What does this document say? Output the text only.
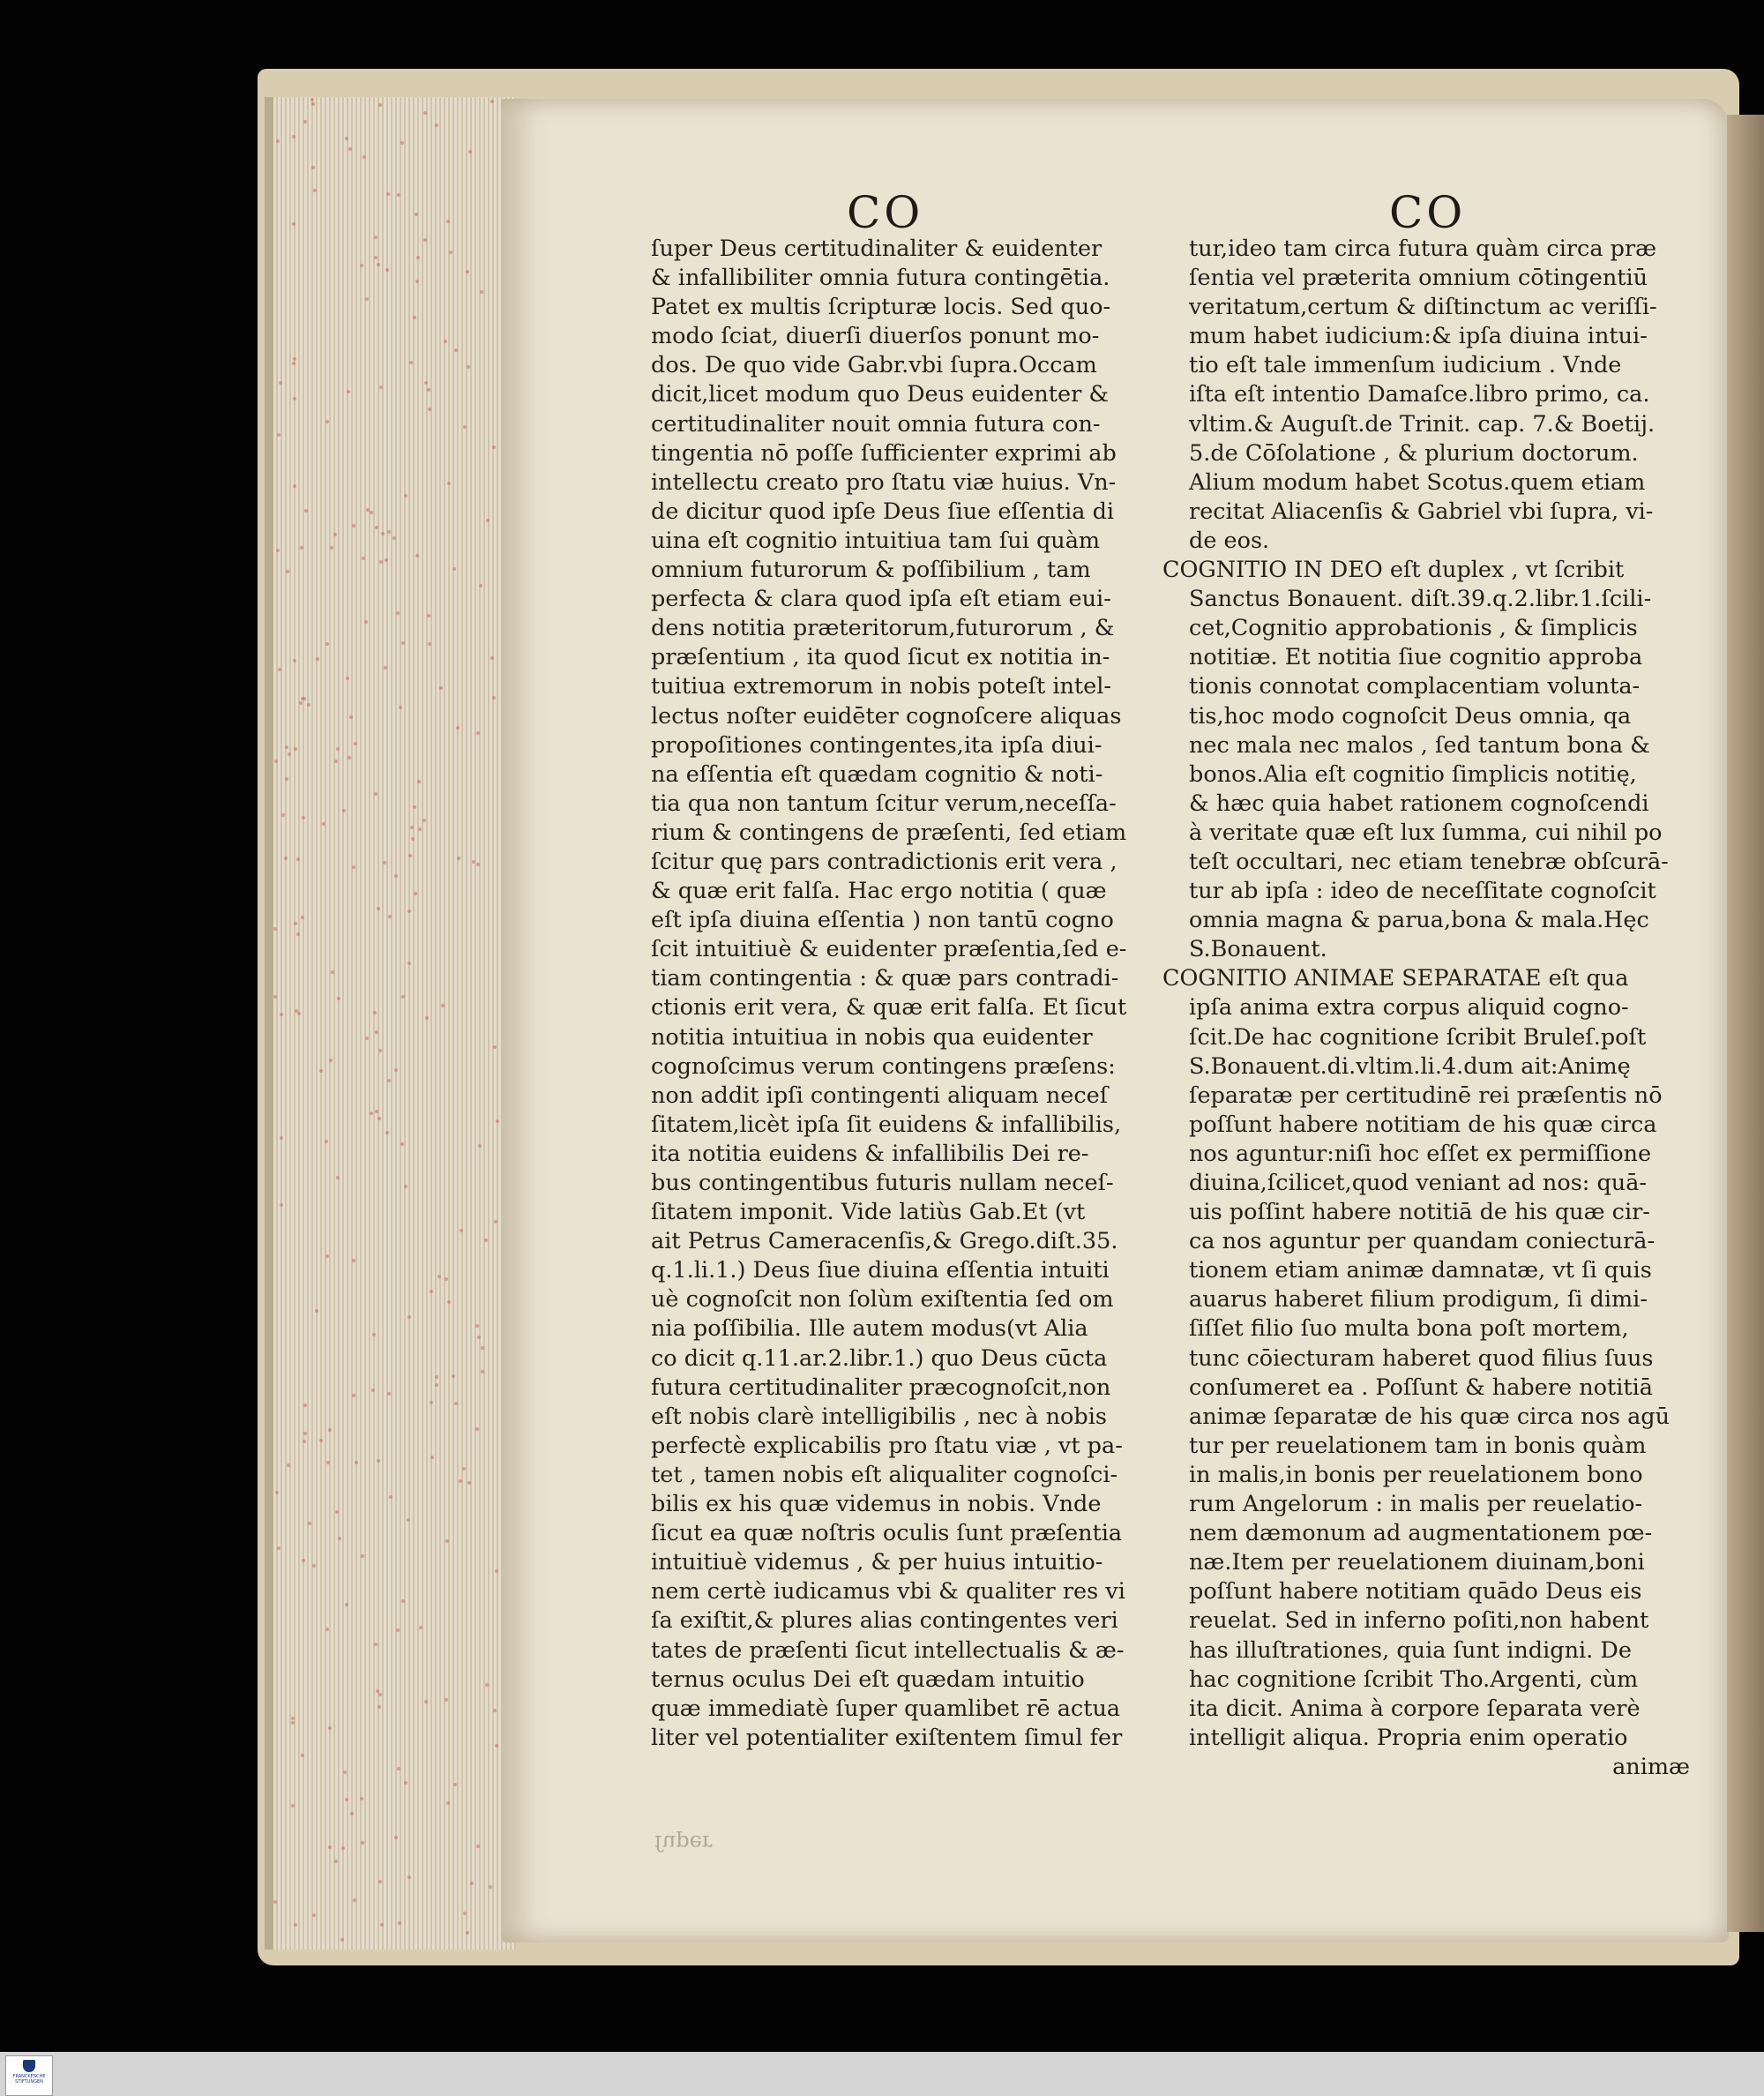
CO	CO
ſuper Deus certitudinaliter & euidenter
& infallibiliter omnia futura contingētia.
Patet ex multis ſcripturæ locis. Sed quo-
modo ſciat, diuerſi diuerſos ponunt mo-
dos. De quo vide Gabr.vbi ſupra.Occam
dicit,licet modum quo Deus euidenter &
certitudinaliter nouit omnia futura con-
tingentia nō poſſe ſufficienter exprimi ab
intellectu creato pro ſtatu viæ huius. Vn-
de dicitur quod ipſe Deus ſiue eſſentia di
uina eſt cognitio intuitiua tam ſui quàm
omnium futurorum & poſſibilium , tam
perfecta & clara quod ipſa eſt etiam eui-
dens notitia præteritorum,futurorum , &
præſentium , ita quod ſicut ex notitia in-
tuitiua extremorum in nobis poteſt intel-
lectus noſter euidēter cognoſcere aliquas
propoſitiones contingentes,ita ipſa diui-
na eſſentia eſt quædam cognitio & noti-
tia qua non tantum ſcitur verum,neceſſa-
rium & contingens de præſenti, ſed etiam
ſcitur quę pars contradictionis erit vera ,
& quæ erit falſa. Hac ergo notitia ( quæ
eſt ipſa diuina eſſentia ) non tantū cogno
ſcit intuitiuè & euidenter præſentia,ſed e-
tiam contingentia : & quæ pars contradi-
ctionis erit vera, & quæ erit falſa. Et ſicut
notitia intuitiua in nobis qua euidenter
cognoſcimus verum contingens præſens:
non addit ipſi contingenti aliquam neceſ
ſitatem,licèt ipſa ſit euidens & infallibilis,
ita notitia euidens & infallibilis Dei re-
bus contingentibus futuris nullam neceſ-
ſitatem imponit. Vide latiùs Gab.Et (vt
ait Petrus Cameracenſis,& Grego.diſt.35.
q.1.li.1.) Deus ſiue diuina eſſentia intuiti
uè cognoſcit non ſolùm exiſtentia ſed om
nia poſſibilia. Ille autem modus(vt Alia
co dicit q.11.ar.2.libr.1.) quo Deus cūcta
futura certitudinaliter præcognoſcit,non
eſt nobis clarè intelligibilis , nec à nobis
perfectè explicabilis pro ſtatu viæ , vt pa-
tet , tamen nobis eſt aliqualiter cognoſci-
bilis ex his quæ videmus in nobis. Vnde
ſicut ea quæ noſtris oculis ſunt præſentia
intuitiuè videmus , & per huius intuitio-
nem certè iudicamus vbi & qualiter res vi
ſa exiſtit,& plures alias contingentes veri
tates de præſenti ſicut intellectualis & æ-
ternus oculus Dei eſt quædam intuitio
quæ immediatè ſuper quamlibet rē actua
liter vel potentialiter exiſtentem ſimul fer
tur,ideo tam circa futura quàm circa præ
ſentia vel præterita omnium cōtingentiū
veritatum,certum & diſtinctum ac veriſſi-
mum habet iudicium:& ipſa diuina intui-
tio eſt tale immenſum iudicium . Vnde
iſta eſt intentio Damaſce.libro primo, ca.
vltim.& Auguſt.de Trinit. cap. 7.& Boetij.
5.de Cōſolatione , & plurium doctorum.
Alium modum habet Scotus.quem etiam
recitat Aliacenſis & Gabriel vbi ſupra, vi-
de eos.
COGNITIO IN DEO eſt duplex , vt ſcribit
Sanctus Bonauent. diſt.39.q.2.libr.1.ſcili-
cet,Cognitio approbationis , & ſimplicis
notitiæ. Et notitia ſiue cognitio approba
tionis connotat complacentiam volunta-
tis,hoc modo cognoſcit Deus omnia, qa
nec mala nec malos , ſed tantum bona &
bonos.Alia eſt cognitio ſimplicis notitię,
& hæc quia habet rationem cognoſcendi
à veritate quæ eſt lux ſumma, cui nihil po
teſt occultari, nec etiam tenebræ obſcurā-
tur ab ipſa : ideo de neceſſitate cognoſcit
omnia magna & parua,bona & mala.Hęc
S.Bonauent.
COGNITIO ANIMAE SEPARATAE eſt qua
ipſa anima extra corpus aliquid cogno-
ſcit.De hac cognitione ſcribit Bruleſ.poſt
S.Bonauent.di.vltim.li.4.dum ait:Animę
ſeparatæ per certitudinē rei præſentis nō
poſſunt habere notitiam de his quæ circa
nos aguntur:niſi hoc eſſet ex permiſſione
diuina,ſcilicet,quod veniant ad nos: quā-
uis poſſint habere notitiā de his quæ cir-
ca nos aguntur per quandam coniecturā-
tionem etiam animæ damnatæ, vt ſi quis
auarus haberet filium prodigum, ſi dimi-
ſiſſet filio ſuo multa bona poſt mortem,
tunc cōiecturam haberet quod filius ſuus
conſumeret ea . Poſſunt & habere notitiā
animæ ſeparatæ de his quæ circa nos agū
tur per reuelationem tam in bonis quàm
in malis,in bonis per reuelationem bono
rum Angelorum : in malis per reuelatio-
nem dæmonum ad augmentationem pœ-
næ.Item per reuelationem diuinam,boni
poſſunt habere notitiam quādo Deus eis
reuelat. Sed in inferno poſiti,non habent
has illuſtrationes, quia ſunt indigni. De
hac cognitione ſcribit Tho.Argenti, cùm
ita dicit. Anima à corpore ſeparata verè
intelligit aliqua. Propria enim operatio
animæ
ſuper
FRANCKESCHE STIFTUNGEN
